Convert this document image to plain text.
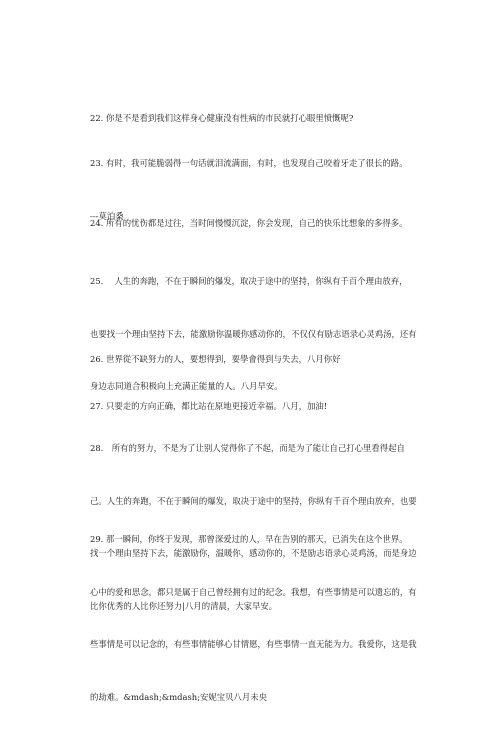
22. 你是不是看到我们这样身心健康没有性病的市民就打心眼里愤慨呢?

23. 有时，我可能脆弱得一句话就泪流满面，有时，也发现自己咬着牙走了很长的路。

---莫泊桑

24. 所有的忧伤都是过往，当时间慢慢沉淀，你会发现，自己的快乐比想象的多得多。

25.　 人生的奔跑，不在于瞬间的爆发，取决于途中的坚持，你纵有千百个理由放弃，

也要找一个理由坚持下去，能激励你温暖你感动你的，不仅仅有励志语录心灵鸡汤，还有

身边志同道合积极向上充满正能量的人。八月早安。

26. 世界從不缺努力的人，要想得到，要學會得到与失去，八月你好

27. 只要走的方向正确，都比站在原地更接近幸福。八月，加油!

28.　所有的努力，不是为了让别人觉得你了不起，而是为了能让自己打心里看得起自

己。人生的奔跑，不在于瞬间的爆发，取决于途中的坚持，你纵有千百个理由放弃，也要

找一个理由坚持下去，能激励你，温暖你，感动你的，不是励志语录心灵鸡汤，而是身边

比你优秀的人比你还努力|八月的清晨，大家早安。

29. 那一瞬间，你终于发现，那曾深爱过的人，早在告别的那天，已消失在这个世界。

心中的爱和思念，都只是属于自己曾经拥有过的纪念。我想，有些事情是可以遗忘的，有

些事情是可以记念的，有些事情能够心甘情愿，有些事情一直无能为力。我爱你，这是我

的劫难。&mdash;&mdash;安妮宝贝八月未央
